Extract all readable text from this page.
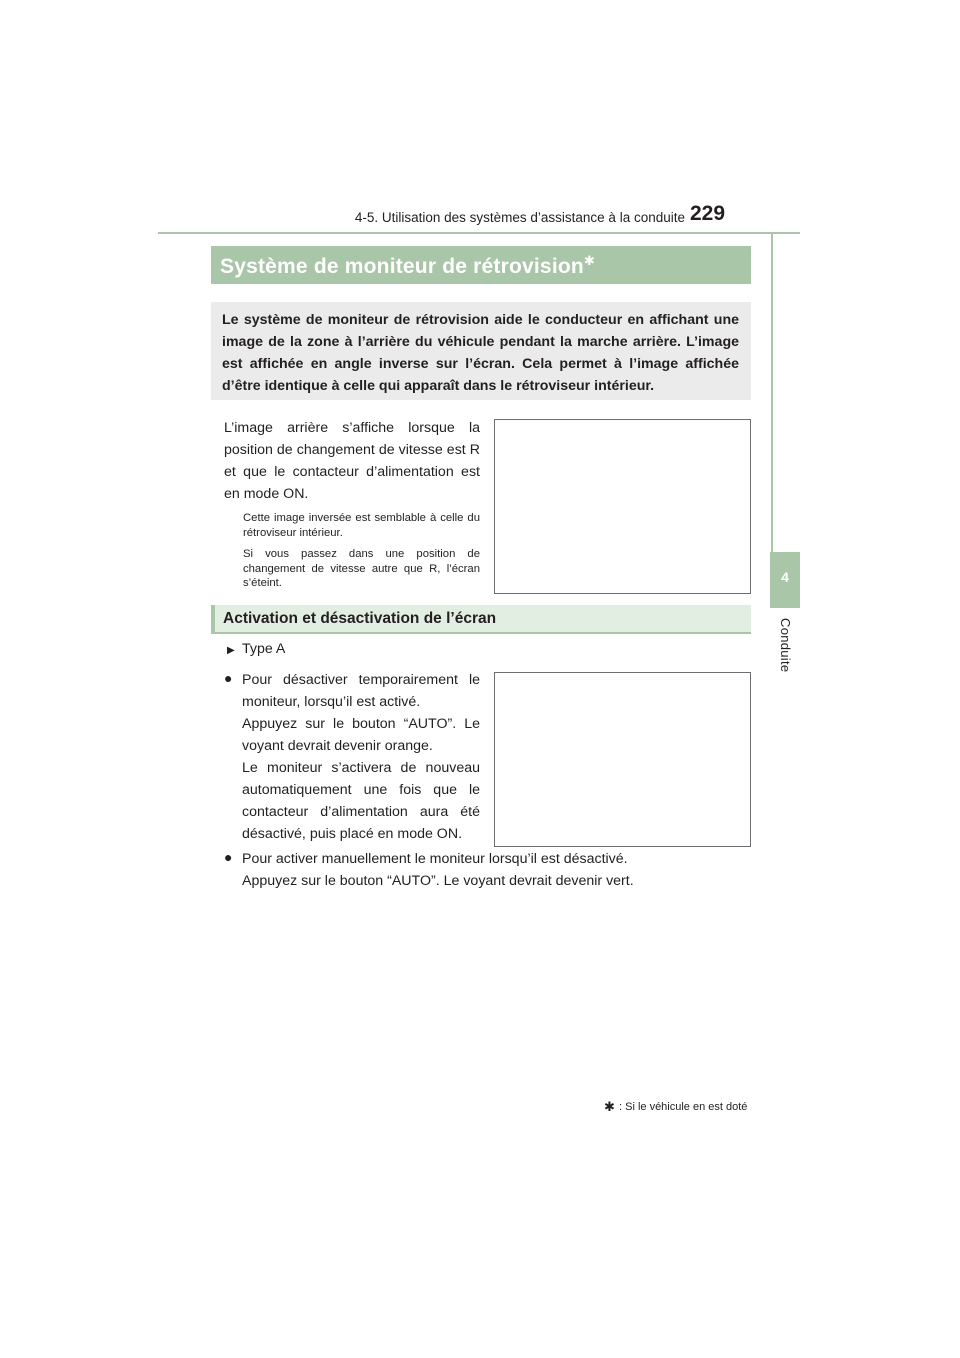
4-5. Utilisation des systèmes d’assistance à la conduite 229
4
Conduite
Système de moniteur de rétrovision✱
Le système de moniteur de rétrovision aide le conducteur en affichant une image de la zone à l’arrière du véhicule pendant la marche arrière. L’image est affichée en angle inverse sur l’écran. Cela permet à l’image affichée d’être identique à celle qui apparaît dans le rétroviseur intérieur.
L’image arrière s’affiche lorsque la position de changement de vitesse est R et que le contacteur d’alimentation est en mode ON.
Cette image inversée est semblable à celle du rétroviseur intérieur.
Si vous passez dans une position de changement de vitesse autre que R, l’écran s’éteint.
Activation et désactivation de l’écran
▶ Type A
● Pour désactiver temporairement le moniteur, lorsqu’il est activé.
Appuyez sur le bouton “AUTO”. Le voyant devrait devenir orange.
Le moniteur s’activera de nouveau automatiquement une fois que le contacteur d’alimentation aura été désactivé, puis placé en mode ON.
● Pour activer manuellement le moniteur lorsqu’il est désactivé.
Appuyez sur le bouton “AUTO”. Le voyant devrait devenir vert.
✱ : Si le véhicule en est doté
